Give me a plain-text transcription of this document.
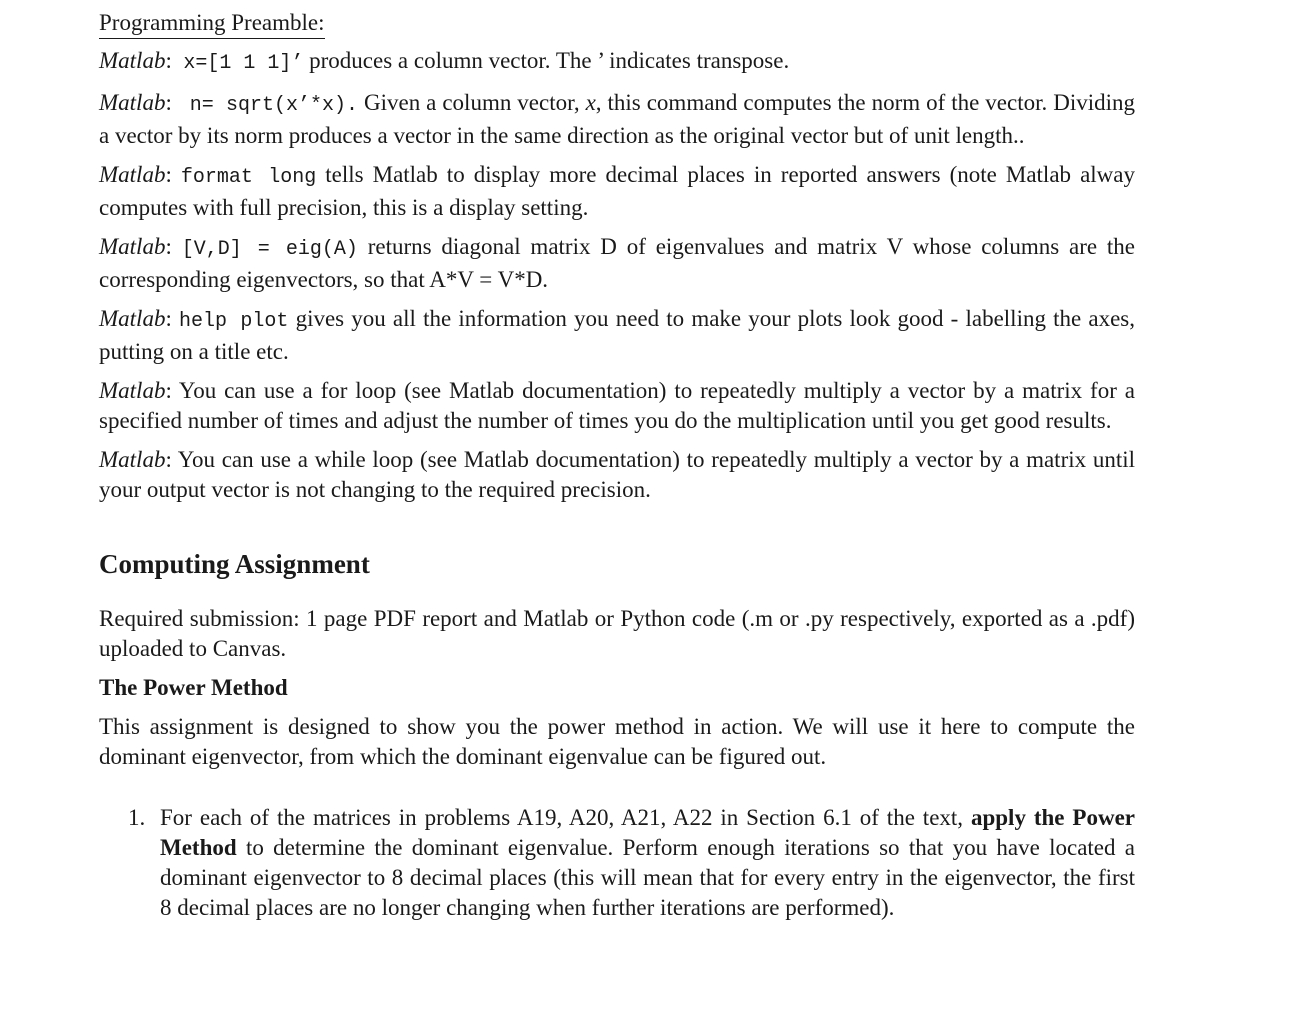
Programming Preamble:

Matlab:  x=[1 1 1]’ produces a column vector. The ’ indicates transpose.

Matlab:   n= sqrt(x’*x). Given a column vector, x, this command computes the norm of the vector. Dividing a vector by its norm produces a vector in the same direction as the original vector but of unit length..

Matlab: format long tells Matlab to display more decimal places in reported answers (note Matlab alway computes with full precision, this is a display setting.

Matlab: [V,D] = eig(A) returns diagonal matrix D of eigenvalues and matrix V whose columns are the corresponding eigenvectors, so that A*V = V*D.

Matlab: help plot gives you all the information you need to make your plots look good - labelling the axes, putting on a title etc.

Matlab: You can use a for loop (see Matlab documentation) to repeatedly multiply a vector by a matrix for a specified number of times and adjust the number of times you do the multiplication until you get good results.

Matlab: You can use a while loop (see Matlab documentation) to repeatedly multiply a vector by a matrix until your output vector is not changing to the required precision.

Computing Assignment

Required submission: 1 page PDF report and Matlab or Python code (.m or .py respectively, exported as a .pdf) uploaded to Canvas.

The Power Method

This assignment is designed to show you the power method in action. We will use it here to compute the dominant eigenvector, from which the dominant eigenvalue can be figured out.

1. For each of the matrices in problems A19, A20, A21, A22 in Section 6.1 of the text, apply the Power Method to determine the dominant eigenvalue. Perform enough iterations so that you have located a dominant eigenvector to 8 decimal places (this will mean that for every entry in the eigenvector, the first 8 decimal places are no longer changing when further iterations are performed).
